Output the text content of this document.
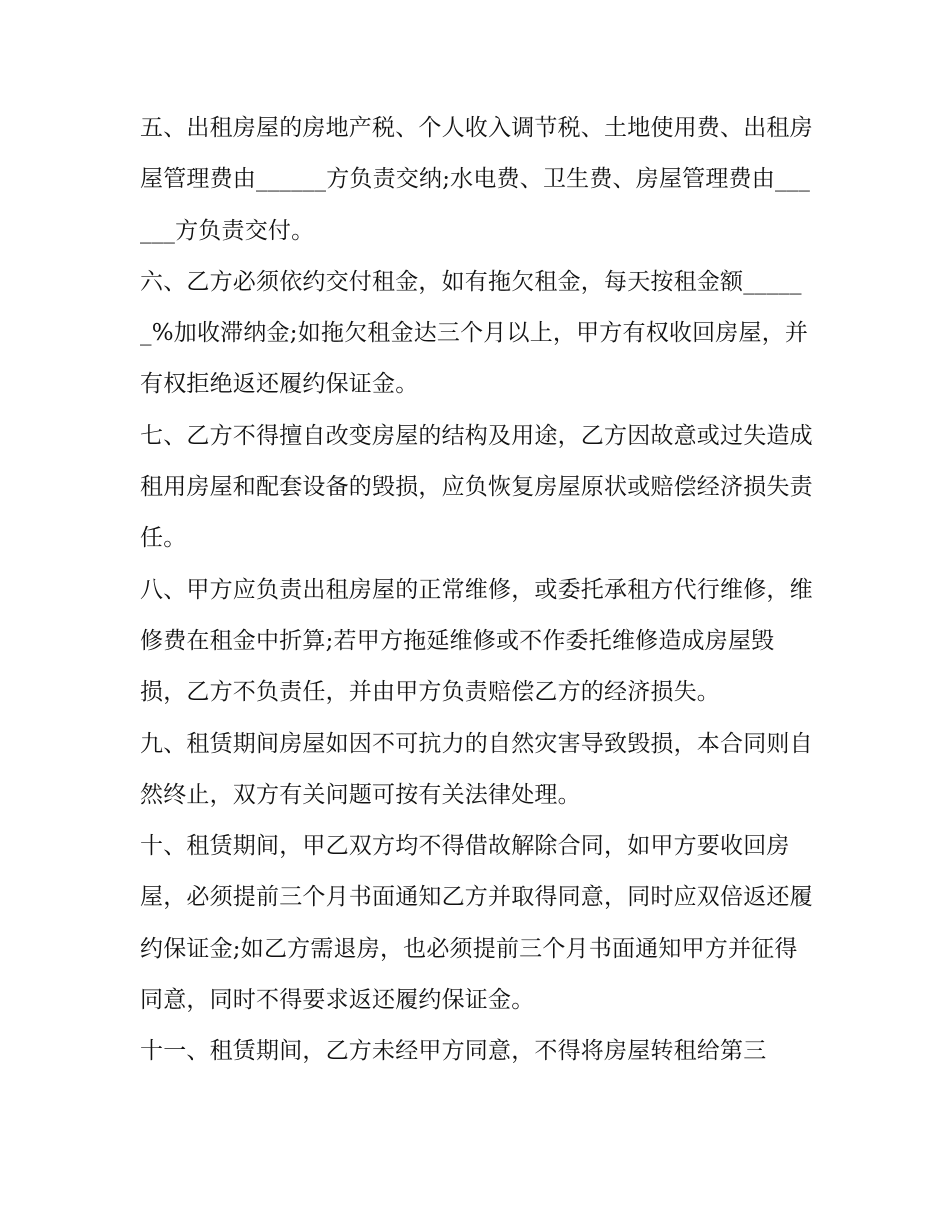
五、出租房屋的房地产税、个人收入调节税、土地使用费、出租房屋管理费由______方负责交纳;水电费、卫生费、房屋管理费由______方负责交付。

六、乙方必须依约交付租金，如有拖欠租金，每天按租金额______%加收滞纳金;如拖欠租金达三个月以上，甲方有权收回房屋，并有权拒绝返还履约保证金。

七、乙方不得擅自改变房屋的结构及用途，乙方因故意或过失造成租用房屋和配套设备的毁损，应负恢复房屋原状或赔偿经济损失责任。

八、甲方应负责出租房屋的正常维修，或委托承租方代行维修，维修费在租金中折算;若甲方拖延维修或不作委托维修造成房屋毁损，乙方不负责任，并由甲方负责赔偿乙方的经济损失。

九、租赁期间房屋如因不可抗力的自然灾害导致毁损，本合同则自然终止，双方有关问题可按有关法律处理。

十、租赁期间，甲乙双方均不得借故解除合同，如甲方要收回房屋，必须提前三个月书面通知乙方并取得同意，同时应双倍返还履约保证金;如乙方需退房，也必须提前三个月书面通知甲方并征得同意，同时不得要求返还履约保证金。

十一、租赁期间，乙方未经甲方同意，不得将房屋转租给第三
